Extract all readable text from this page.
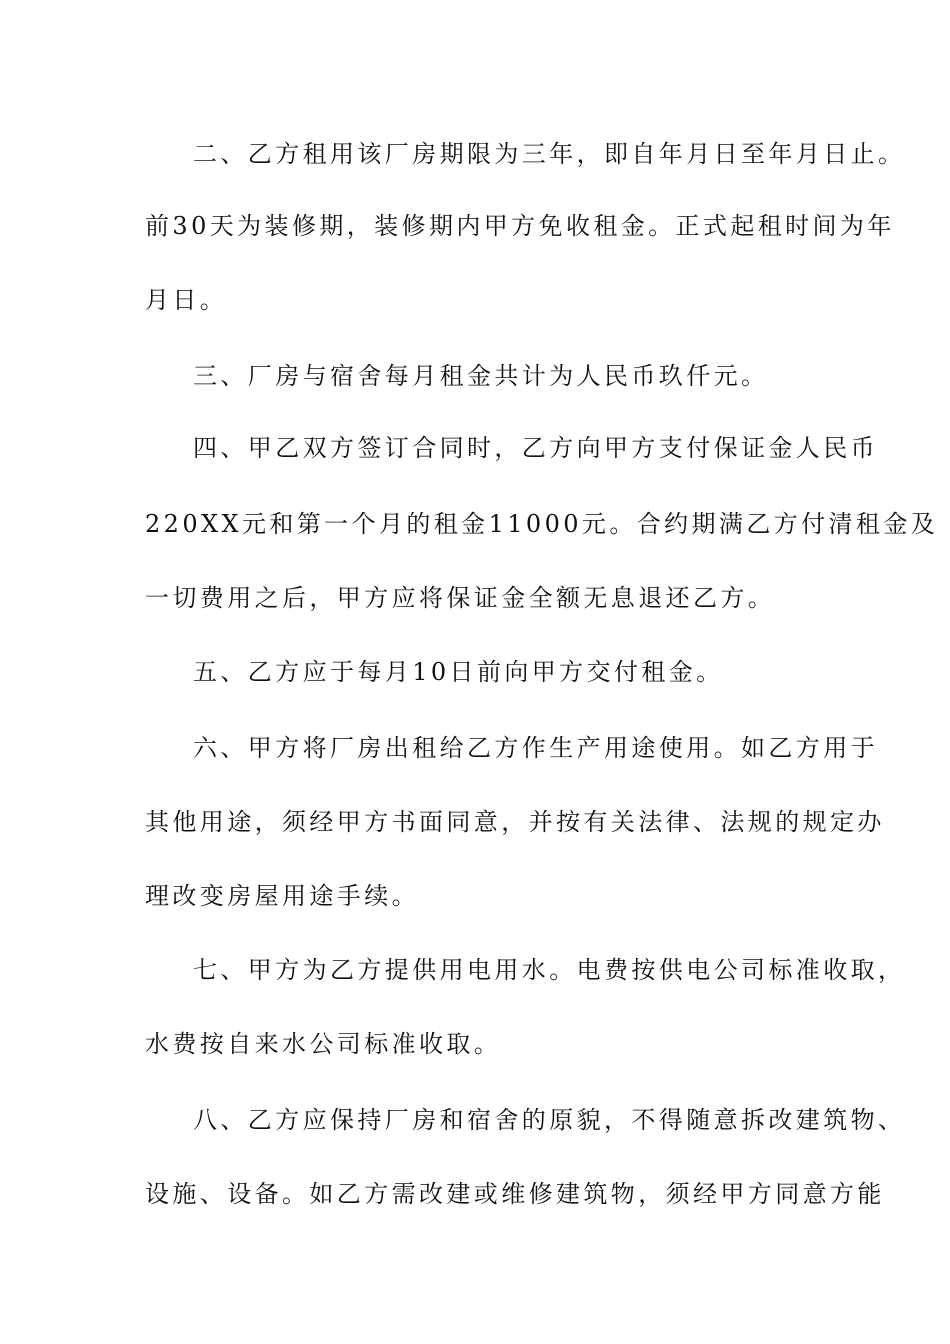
二、乙方租用该厂房期限为三年，即自年月日至年月日止。
前30天为装修期，装修期内甲方免收租金。正式起租时间为年
月日。
三、厂房与宿舍每月租金共计为人民币玖仟元。
四、甲乙双方签订合同时，乙方向甲方支付保证金人民币
220XX元和第一个月的租金11000元。合约期满乙方付清租金及
一切费用之后，甲方应将保证金全额无息退还乙方。
五、乙方应于每月10日前向甲方交付租金。
六、甲方将厂房出租给乙方作生产用途使用。如乙方用于
其他用途，须经甲方书面同意，并按有关法律、法规的规定办
理改变房屋用途手续。
七、甲方为乙方提供用电用水。电费按供电公司标准收取，
水费按自来水公司标准收取。
八、乙方应保持厂房和宿舍的原貌，不得随意拆改建筑物、
设施、设备。如乙方需改建或维修建筑物，须经甲方同意方能
